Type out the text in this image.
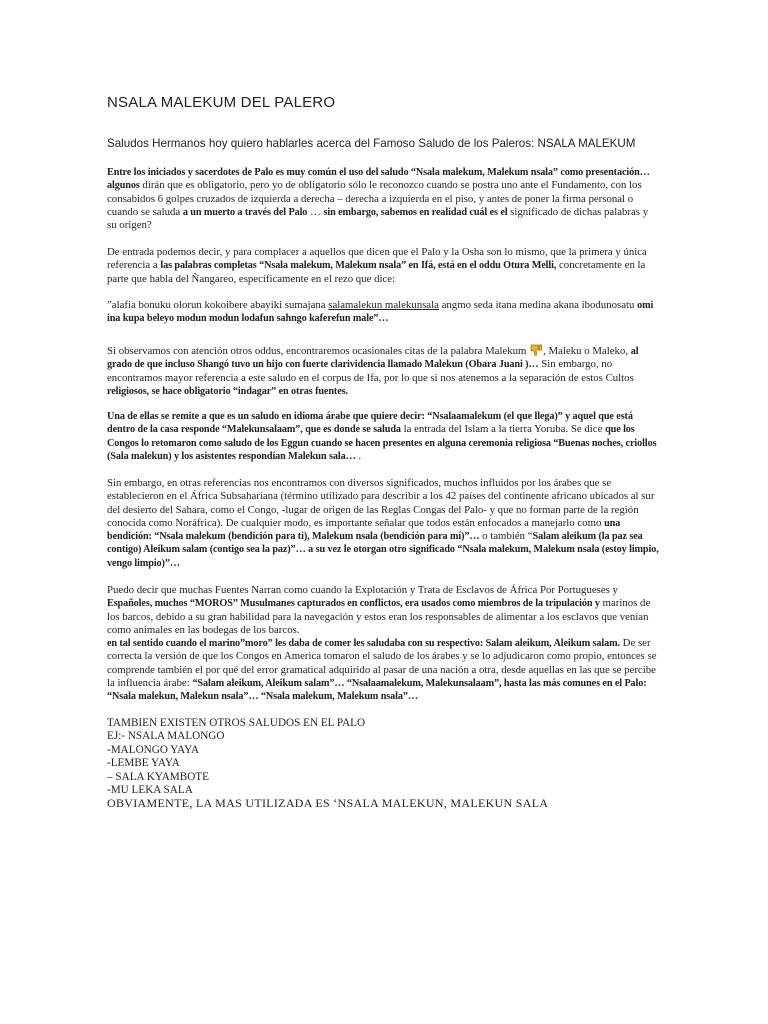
NSALA MALEKUM DEL PALERO

Saludos Hermanos hoy quiero hablarles acerca del Famoso Saludo de los Paleros: NSALA MALEKUM

Entre los iniciados y sacerdotes de Palo es muy común el uso del saludo “Nsala malekum, Malekum nsala” como presentación… algunos dirán que es obligatorio, pero yo de obligatorio sólo le reconozco cuando se postra uno ante el Fundamento, con los consabidos 6 golpes cruzados de izquierda a derecha – derecha a izquierda en el piso, y antes de poner la firma personal o cuando se saluda a un muerto a través del Palo … sin embargo, sabemos en realidad cuál es el significado de dichas palabras y su origen?

De entrada podemos decir, y para complacer a aquellos que dicen que el Palo y la Osha son lo mismo, que la primera y única referencia a las palabras completas “Nsala malekum, Malekum nsala” en Ifá, está en el oddu Otura Melli, concretamente en la parte que habla del Ñangareo, específicamente en el rezo que dice:

”alafia bonuku olorun kokoibere abayiki sumajana salamalekun malekunsala angmo seda itana medina akana ibodunosatu omi ina kupa beleyo modun modun lodafun sahngo kaferefun male”…

Si observamos con atención otros oddus, encontraremos ocasionales citas de la palabra Malekum , Maleku o Maleko, al grado de que incluso Shangó tuvo un hijo con fuerte clarividencia llamado Malekun (Obara Juani )… Sin embargo, no encontramos mayor referencia a este saludo en el corpus de Ifa, por lo que si nos atenemos a la separación de estos Cultos religiosos, se hace obligatorio “indagar” en otras fuentes.

Una de ellas se remite a que es un saludo en idioma árabe que quiere decir: “Nsalaamalekum (el que llega)” y aquel que está dentro de la casa responde “Malekunsalaam”, que es donde se saluda la entrada del Islam a la tierra Yoruba. Se dice que los Congos lo retomaron como saludo de los Eggun cuando se hacen presentes en alguna ceremonia religiosa “Buenas noches, criollos (Sala malekun) y los asistentes respondían Malekun sala… .

Sin embargo, en otras referencias nos encontramos con diversos significados, muchos influidos por los árabes que se establecieron en el África Subsahariana (término utilizado para describir a los 42 países del continente africano ubicados al sur del desierto del Sahara, como el Congo, -lugar de origen de las Reglas Congas del Palo- y que no forman parte de la región conocida como Noráfrica). De cualquier modo, es importante señalar que todos están enfocados a manejarlo como una bendición: “Nsala malekum (bendición para ti), Malekum nsala (bendición para mí)”… o también “Salam aleikum (la paz sea contigo) Aleikum salam (contigo sea la paz)”… a su vez le otorgan otro significado “Nsala malekum, Malekum nsala (estoy limpio, vengo limpio)”…

Puedo decir que muchas Fuentes Narran como cuando la Explotación y Trata de Esclavos de África Por Portugueses y Españoles, muchos “MOROS” Musulmanes capturados en conflictos, era usados como miembros de la tripulación y marinos de los barcos, debido a su gran habilidad para la navegación y estos eran los responsables de alimentar a los esclavos que venían como animales en las bodegas de los barcos.
en tal sentido cuando el marino”moro” les daba de comer les saludaba con su respectivo: Salam aleikum, Aleikum salam. De ser correcta la versión de que los Congos en America tomaron el saludo de los árabes y se lo adjudicaron como propio, entonces se comprende también el por qué del error gramatical adquirido al pasar de una nación a otra, desde aquellas en las que se percibe la influencia árabe: “Salam aleikum, Aleikum salam”… “Nsalaamalekum, Malekunsalaam”, hasta las más comunes en el Palo: “Nsala malekun, Malekun nsala”… “Nsala malekum, Malekum nsala”…

TAMBIEN EXISTEN OTROS SALUDOS EN EL PALO
EJ:- NSALA MALONGO
-MALONGO YAYA
-LEMBE YAYA
– SALA KYAMBOTE
-MU LEKA SALA

OBVIAMENTE, LA MAS UTILIZADA ES ‘NSALA MALEKUN, MALEKUN SALA
